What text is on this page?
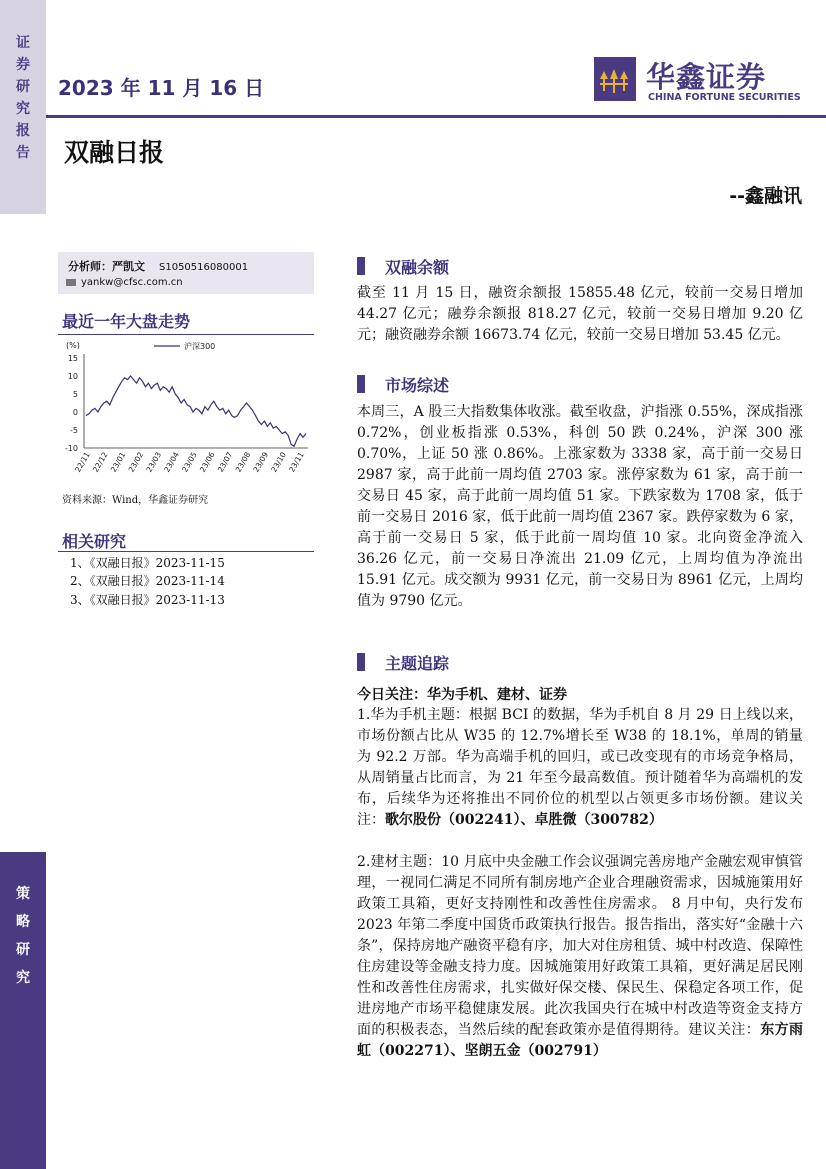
证
券
研
究
报
告
策
略
研
究
2023 年 11 月 16 日	华鑫证券
CHINA FORTUNE SECURITIES
双融日报
--鑫融讯
分析师：严凯文 S1050516080001
yankw@cfsc.com.cn
最近一年大盘走势
(%)	沪深300
15
10
5
0
-5
-10
22/11 22/12 23/01 23/02 23/03 23/04 23/05 23/06 23/07 23/08 23/09 23/10 23/11
资料来源：Wind，华鑫证券研究
相关研究
1、《双融日报》2023-11-15
2、《双融日报》2023-11-14
3、《双融日报》2023-11-13
双融余额
截至 11 月 15 日，融资余额报 15855.48 亿元，较前一交易日增加 44.27 亿元；融券余额报 818.27 亿元，较前一交易日增加 9.20 亿元；融资融券余额 16673.74 亿元，较前一交易日增加 53.45 亿元。
市场综述
本周三，A 股三大指数集体收涨。截至收盘，沪指涨 0.55%，深成指涨 0.72%，创业板指涨 0.53%，科创 50 跌 0.24%，沪深 300 涨 0.70%，上证 50 涨 0.86%。上涨家数为 3338 家，高于前一交易日 2987 家，高于此前一周均值 2703 家。涨停家数为 61 家，高于前一交易日 45 家，高于此前一周均值 51 家。下跌家数为 1708 家，低于前一交易日 2016 家，低于此前一周均值 2367 家。跌停家数为 6 家，高于前一交易日 5 家，低于此前一周均值 10 家。北向资金净流入 36.26 亿元，前一交易日净流出 21.09 亿元，上周均值为净流出 15.91 亿元。成交额为 9931 亿元，前一交易日为 8961 亿元，上周均值为 9790 亿元。
主题追踪
今日关注：华为手机、建材、证券
1.华为手机主题：根据 BCI 的数据，华为手机自 8 月 29 日上线以来，市场份额占比从 W35 的 12.7%增长至 W38 的 18.1%，单周的销量为 92.2 万部。华为高端手机的回归，或已改变现有的市场竞争格局，从周销量占比而言，为 21 年至今最高数值。预计随着华为高端机的发布，后续华为还将推出不同价位的机型以占领更多市场份额。建议关注：歌尔股份（002241）、卓胜微（300782）
2.建材主题：10 月底中央金融工作会议强调完善房地产金融宏观审慎管理，一视同仁满足不同所有制房地产企业合理融资需求，因城施策用好政策工具箱，更好支持刚性和改善性住房需求。 8 月中旬，央行发布 2023 年第二季度中国货币政策执行报告。报告指出，落实好“金融十六条”，保持房地产融资平稳有序，加大对住房租赁、城中村改造、保障性住房建设等金融支持力度。因城施策用好政策工具箱，更好满足居民刚性和改善性住房需求，扎实做好保交楼、保民生、保稳定各项工作，促进房地产市场平稳健康发展。此次我国央行在城中村改造等资金支持方面的积极表态，当然后续的配套政策亦是值得期待。建议关注：东方雨虹（002271）、坚朗五金（002791）
